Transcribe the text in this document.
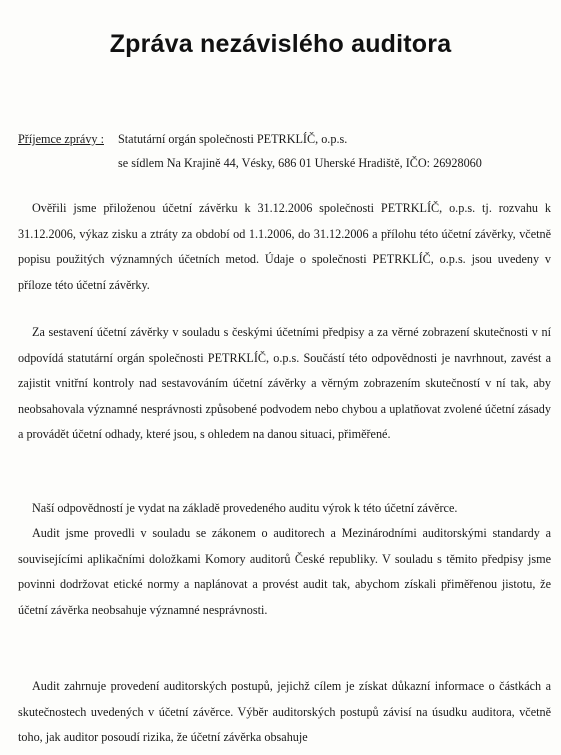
Zpráva nezávislého auditora
Příjemce zprávy : Statutární orgán společnosti PETRKLÍČ, o.p.s.
se sídlem Na Krajině 44, Vésky, 686 01 Uherské Hradiště, IČO: 26928060
Ověřili jsme přiloženou účetní závěrku k 31.12.2006 společnosti PETRKLÍČ, o.p.s. tj. rozvahu k 31.12.2006, výkaz zisku a ztráty za období od 1.1.2006, do 31.12.2006 a přílohu této účetní závěrky, včetně popisu použitých významných účetních metod. Údaje o společnosti PETRKLÍČ, o.p.s. jsou uvedeny v příloze této účetní závěrky.
Za sestavení účetní závěrky v souladu s českými účetními předpisy a za věrné zobrazení skutečnosti v ní odpovídá statutární orgán společnosti PETRKLÍČ, o.p.s. Součástí této odpovědnosti je navrhnout, zavést a zajistit vnitřní kontroly nad sestavováním účetní závěrky a věrným zobrazením skutečností v ní tak, aby neobsahovala významné nesprávnosti způsobené podvodem nebo chybou a uplatňovat zvolené účetní zásady a provádět účetní odhady, které jsou, s ohledem na danou situaci, přiměřené.
Naší odpovědností je vydat na základě provedeného auditu výrok k této účetní závěrce.
Audit jsme provedli v souladu se zákonem o auditorech a Mezinárodními auditorskými standardy a souvisejícími aplikačními doložkami Komory auditorů České republiky. V souladu s těmito předpisy jsme povinni dodržovat etické normy a naplánovat a provést audit tak, abychom získali přiměřenou jistotu, že účetní závěrka neobsahuje významné nesprávnosti.
Audit zahrnuje provedení auditorských postupů, jejichž cílem je získat důkazní informace o částkách a skutečnostech uvedených v účetní závěrce. Výběr auditorských postupů závisí na úsudku auditora, včetně toho, jak auditor posoudí rizika, že účetní závěrka obsahuje
